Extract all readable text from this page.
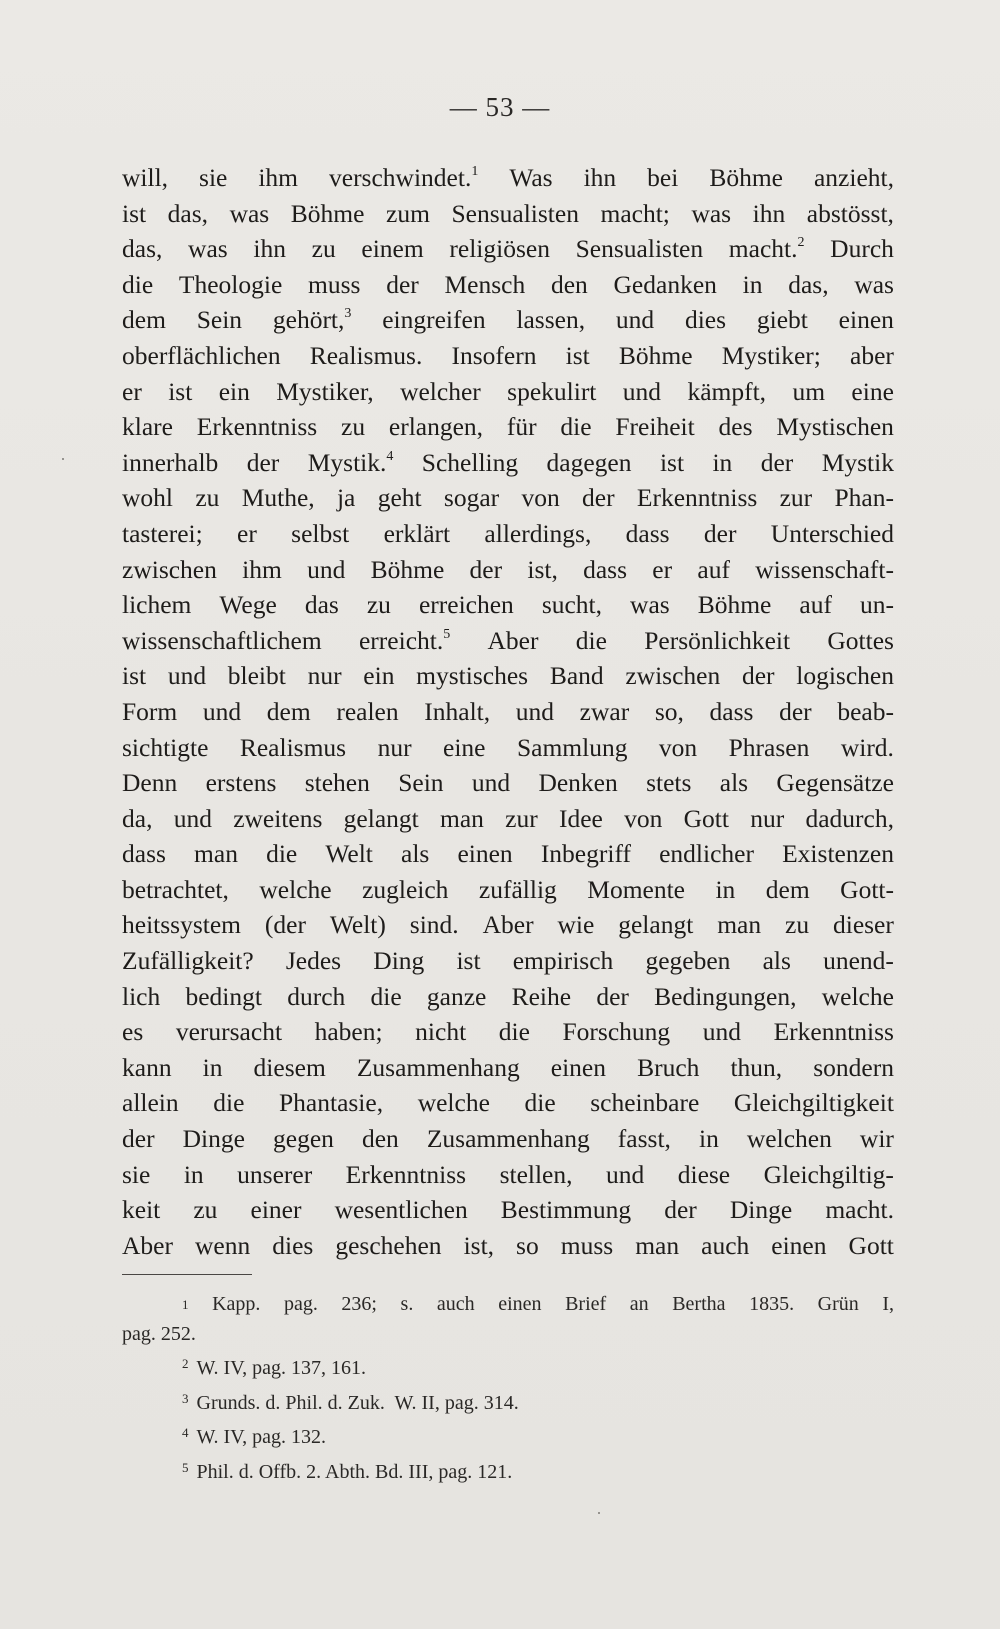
— 53 —
will, sie ihm verschwindet.$^1$ Was ihn bei Böhme anzieht,
ist das, was Böhme zum Sensualisten macht; was ihn abstösst,
das, was ihn zu einem religiösen Sensualisten macht.$^2$ Durch
die Theologie muss der Mensch den Gedanken in das, was
dem Sein gehört,$^3$ eingreifen lassen, und dies giebt einen
oberflächlichen Realismus. Insofern ist Böhme Mystiker; aber
er ist ein Mystiker, welcher spekulirt und kämpft, um eine
klare Erkenntniss zu erlangen, für die Freiheit des Mystischen
innerhalb der Mystik.$^4$ Schelling dagegen ist in der Mystik
wohl zu Muthe, ja geht sogar von der Erkenntniss zur Phan-
tasterei; er selbst erklärt allerdings, dass der Unterschied
zwischen ihm und Böhme der ist, dass er auf wissenschaft-
lichem Wege das zu erreichen sucht, was Böhme auf un-
wissenschaftlichem erreicht.$^5$ Aber die Persönlichkeit Gottes
ist und bleibt nur ein mystisches Band zwischen der logischen
Form und dem realen Inhalt, und zwar so, dass der beab-
sichtigte Realismus nur eine Sammlung von Phrasen wird.
Denn erstens stehen Sein und Denken stets als Gegensätze
da, und zweitens gelangt man zur Idee von Gott nur dadurch,
dass man die Welt als einen Inbegriff endlicher Existenzen
betrachtet, welche zugleich zufällig Momente in dem Gott-
heitssystem (der Welt) sind. Aber wie gelangt man zu dieser
Zufälligkeit? Jedes Ding ist empirisch gegeben als unend-
lich bedingt durch die ganze Reihe der Bedingungen, welche
es verursacht haben; nicht die Forschung und Erkenntniss
kann in diesem Zusammenhang einen Bruch thun, sondern
allein die Phantasie, welche die scheinbare Gleichgiltigkeit
der Dinge gegen den Zusammenhang fasst, in welchen wir
sie in unserer Erkenntniss stellen, und diese Gleichgiltig-
keit zu einer wesentlichen Bestimmung der Dinge macht.
Aber wenn dies geschehen ist, so muss man auch einen Gott
1 Kapp. pag. 236; s. auch einen Brief an Bertha 1835. Grün I,
pag. 252.
$^2$ W. IV, pag. 137, 161.
$^3$ Grunds. d. Phil. d. Zuk.  W. II, pag. 314.
$^4$ W. IV, pag. 132.
$^5$ Phil. d. Offb. 2. Abth. Bd. III, pag. 121.
